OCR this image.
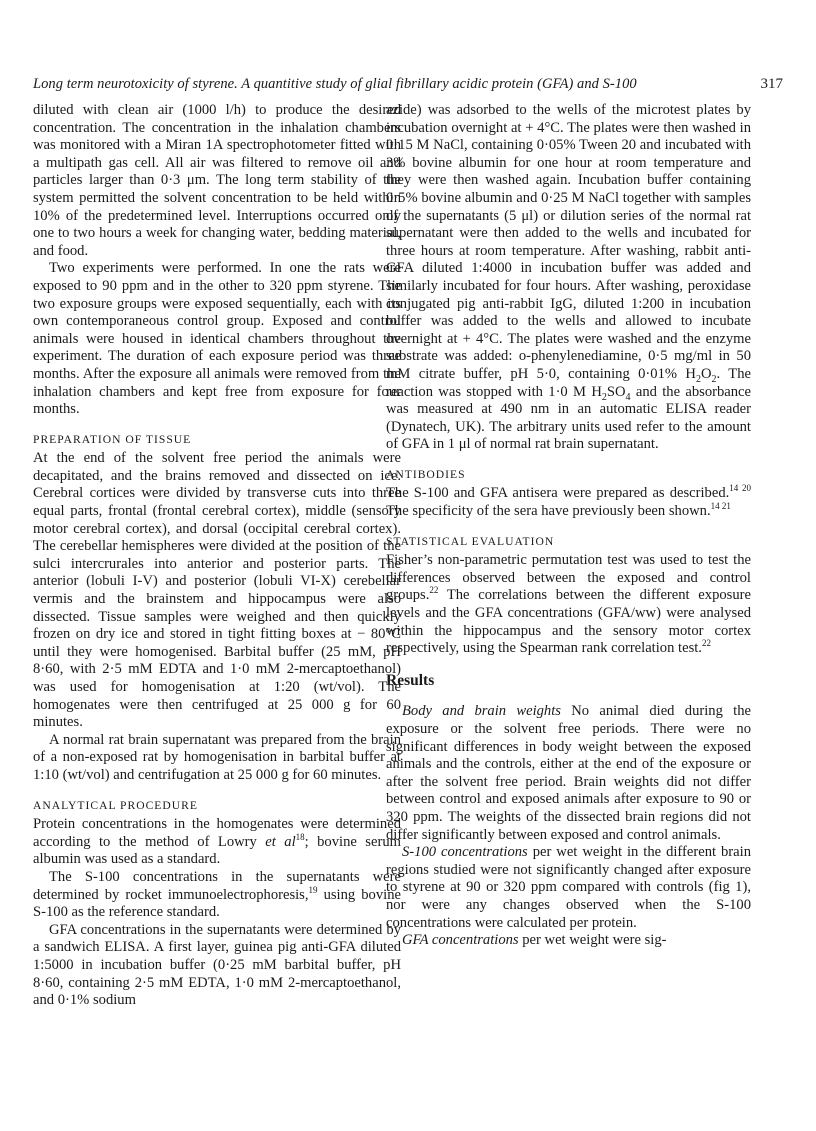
Long term neurotoxicity of styrene. A quantitive study of glial fibrillary acidic protein (GFA) and S-100	317

diluted with clean air (1000 l/h) to produce the desired concentration. The concentration in the inhalation chambers was monitored with a Miran 1A spectrophotometer fitted with a multipath gas cell. All air was filtered to remove oil and particles larger than 0·3 μm. The long term stability of the system permitted the solvent concentration to be held within 10% of the predetermined level. Interruptions occurred only one to two hours a week for changing water, bedding material, and food.

Two experiments were performed. In one the rats were exposed to 90 ppm and in the other to 320 ppm styrene. The two exposure groups were exposed sequentially, each with its own contemporaneous control group. Exposed and control animals were housed in identical chambers throughout the experiment. The duration of each exposure period was three months. After the exposure all animals were removed from the inhalation chambers and kept free from exposure for four months.

PREPARATION OF TISSUE

At the end of the solvent free period the animals were decapitated, and the brains removed and dissected on ice. Cerebral cortices were divided by transverse cuts into three equal parts, frontal (frontal cerebral cortex), middle (sensory motor cerebral cortex), and dorsal (occipital cerebral cortex). The cerebellar hemispheres were divided at the position of the sulci intercrurales into anterior and posterior parts. The anterior (lobuli I-V) and posterior (lobuli VI-X) cerebellar vermis and the brainstem and hippocampus were also dissected. Tissue samples were weighed and then quickly frozen on dry ice and stored in tight fitting boxes at − 80°C until they were homogenised. Barbital buffer (25 mM, pH 8·60, with 2·5 mM EDTA and 1·0 mM 2-mercaptoethanol) was used for homogenisation at 1:20 (wt/vol). The homogenates were then centrifuged at 25 000 g for 60 minutes.

A normal rat brain supernatant was prepared from the brain of a non-exposed rat by homogenisation in barbital buffer at 1:10 (wt/vol) and centrifugation at 25 000 g for 60 minutes.

ANALYTICAL PROCEDURE

Protein concentrations in the homogenates were determined according to the method of Lowry et $al^{18}$; bovine serum albumin was used as a standard.

The S-100 concentrations in the supernatants were determined by rocket immunoelectrophoresis,$^{19}$ using bovine S-100 as the reference standard.

GFA concentrations in the supernatants were determined by a sandwich ELISA. A first layer, guinea pig anti-GFA diluted 1:5000 in incubation buffer (0·25 mM barbital buffer, pH 8·60, containing 2·5 mM EDTA, 1·0 mM 2-mercaptoethanol, and 0·1% sodium

azide) was adsorbed to the wells of the microtest plates by incubation overnight at + 4°C. The plates were then washed in 0·15 M NaCl, containing 0·05% Tween 20 and incubated with 3% bovine albumin for one hour at room temperature and they were then washed again. Incubation buffer containing 0·5% bovine albumin and 0·25 M NaCl together with samples of the supernatants (5 μl) or dilution series of the normal rat supernatant were then added to the wells and incubated for three hours at room temperature. After washing, rabbit anti-GFA diluted 1:4000 in incubation buffer was added and similarly incubated for four hours. After washing, peroxidase conjugated pig anti-rabbit IgG, diluted 1:200 in incubation buffer was added to the wells and allowed to incubate overnight at + 4°C. The plates were washed and the enzyme substrate was added: o-phenylenediamine, 0·5 mg/ml in 50 mM citrate buffer, pH 5·0, containing 0·01% $H_2O_2$. The reaction was stopped with 1·0 M $H_2SO_4$ and the absorbance was measured at 490 nm in an automatic ELISA reader (Dynatech, UK). The arbitrary units used refer to the amount of GFA in 1 μl of normal rat brain supernatant.

ANTIBODIES

The S-100 and GFA antisera were prepared as described.$^{14 20}$ The specificity of the sera have previously been shown.$^{14 21}$

STATISTICAL EVALUATION

Fisher’s non-parametric permutation test was used to test the differences observed between the exposed and control groups.$^{22}$ The correlations between the different exposure levels and the GFA concentrations (GFA/ww) were analysed within the hippocampus and the sensory motor cortex respectively, using the Spearman rank correlation test.$^{22}$

Results

Body and brain weights No animal died during the exposure or the solvent free periods. There were no significant differences in body weight between the exposed animals and the controls, either at the end of the exposure or after the solvent free period. Brain weights did not differ between control and exposed animals after exposure to 90 or 320 ppm. The weights of the dissected brain regions did not differ significantly between exposed and control animals.

S-100 concentrations per wet weight in the different brain regions studied were not significantly changed after exposure to styrene at 90 or 320 ppm compared with controls (fig 1), nor were any changes observed when the S-100 concentrations were calculated per protein.

GFA concentrations per wet weight were sig-
